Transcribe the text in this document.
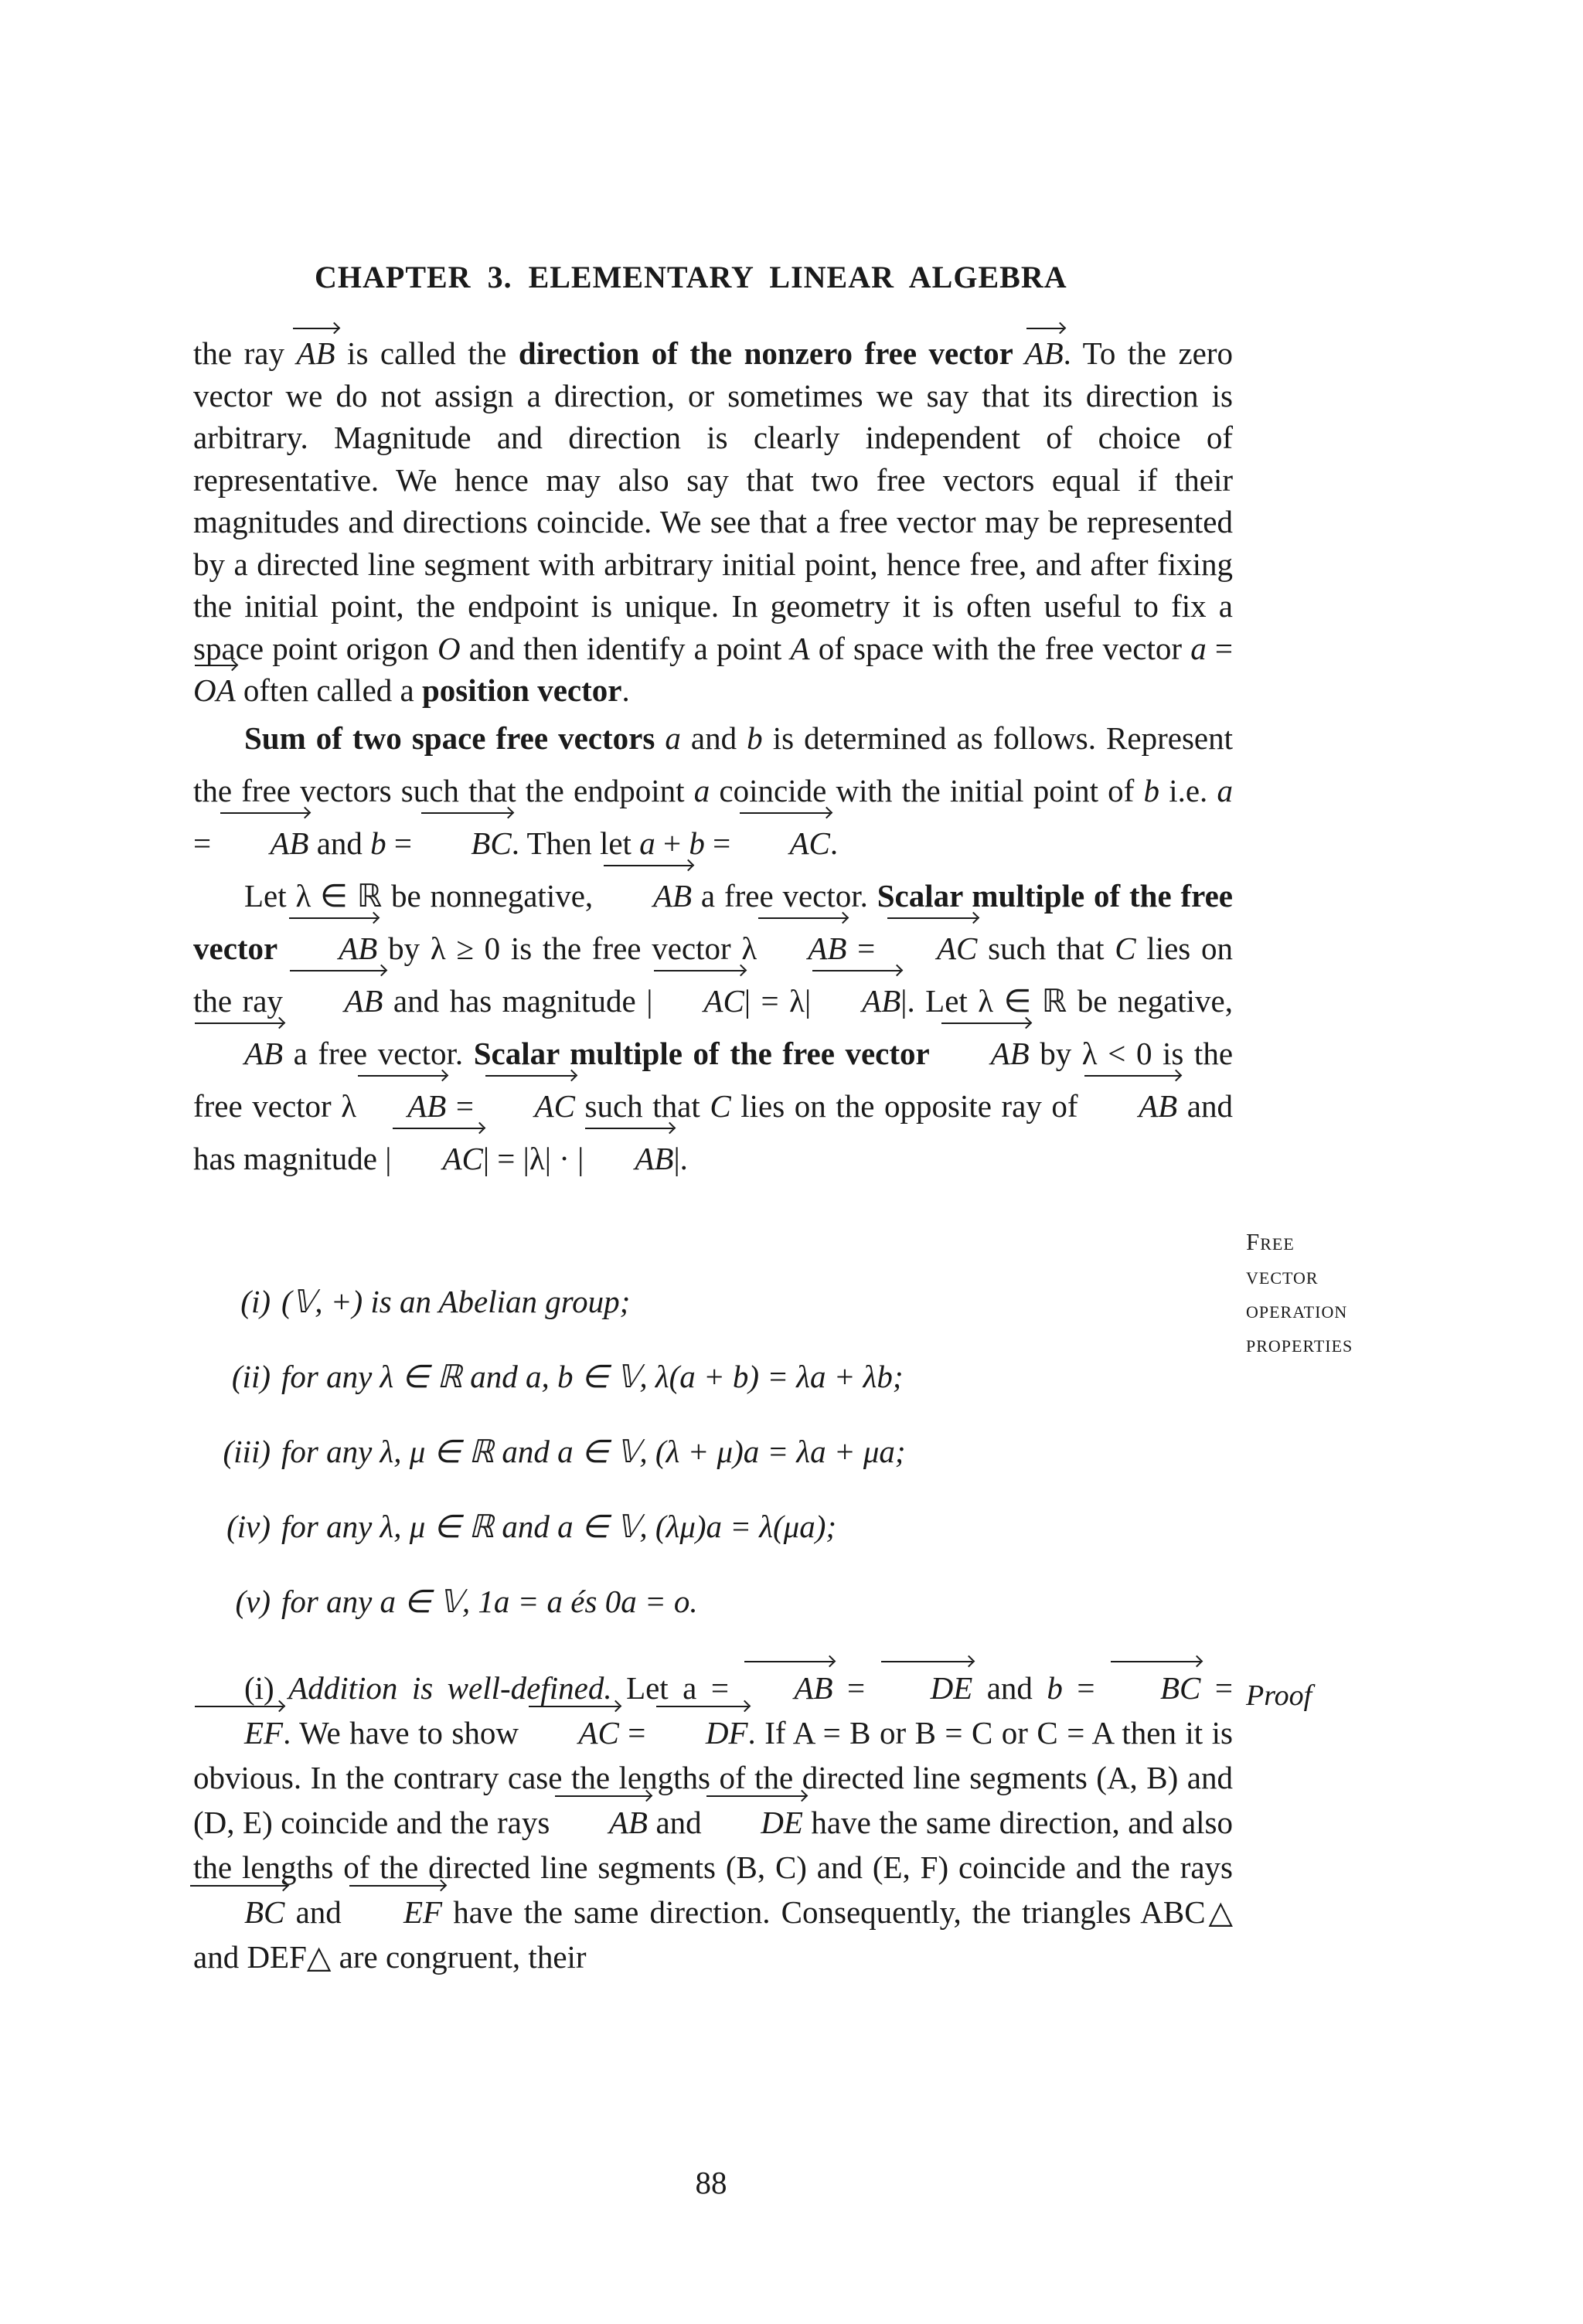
CHAPTER 3. ELEMENTARY LINEAR ALGEBRA

the ray AB is called the direction of the nonzero free vector AB. To the zero vector we do not assign a direction, or sometimes we say that its direction is arbitrary. Magnitude and direction is clearly independent of choice of representative. We hence may also say that two free vectors equal if their magnitudes and directions coincide. We see that a free vector may be represented by a directed line segment with arbitrary initial point, hence free, and after fixing the initial point, the endpoint is unique. In geometry it is often useful to fix a space point origon O and then identify a point A of space with the free vector a = OA often called a position vector.

Sum of two space free vectors a and b is determined as follows. Represent the free vectors such that the endpoint a coincide with the initial point of b i.e. a = AB and b = BC. Then let a + b = AC.

Let λ ∈ ℝ be nonnegative, AB a free vector. Scalar multiple of the free vector AB by λ ≥ 0 is the free vector λ AB = AC such that C lies on the ray AB and has magnitude | AC| = λ| AB|. Let λ ∈ ℝ be negative, AB a free vector. Scalar multiple of the free vector AB by λ < 0 is the free vector λ AB = AC such that C lies on the opposite ray of AB and has magnitude | AC| = |λ| · | AB|.

Free
vector
operation
properties
(i) (𝕍, +) is an Abelian group;
(ii) for any λ ∈ ℝ and a, b ∈ 𝕍, λ(a + b) = λa + λb;
(iii) for any λ, μ ∈ ℝ and a ∈ 𝕍, (λ + μ)a = λa + μa;
(iv) for any λ, μ ∈ ℝ and a ∈ 𝕍, (λμ)a = λ(μa);
(v) for any a ∈ 𝕍, 1a = a és 0a = o.
Proof

(i) Addition is well-defined. Let a = AB = DE and b = BC = EF. We have to show AC = DF. If A = B or B = C or C = A then it is obvious. In the contrary case the lengths of the directed line segments (A, B) and (D, E) coincide and the rays AB and DE have the same direction, and also the lengths of the directed line segments (B, C) and (E, F) coincide and the rays BC and EF have the same direction. Consequently, the triangles ABC△ and DEF△ are congruent, their

88
